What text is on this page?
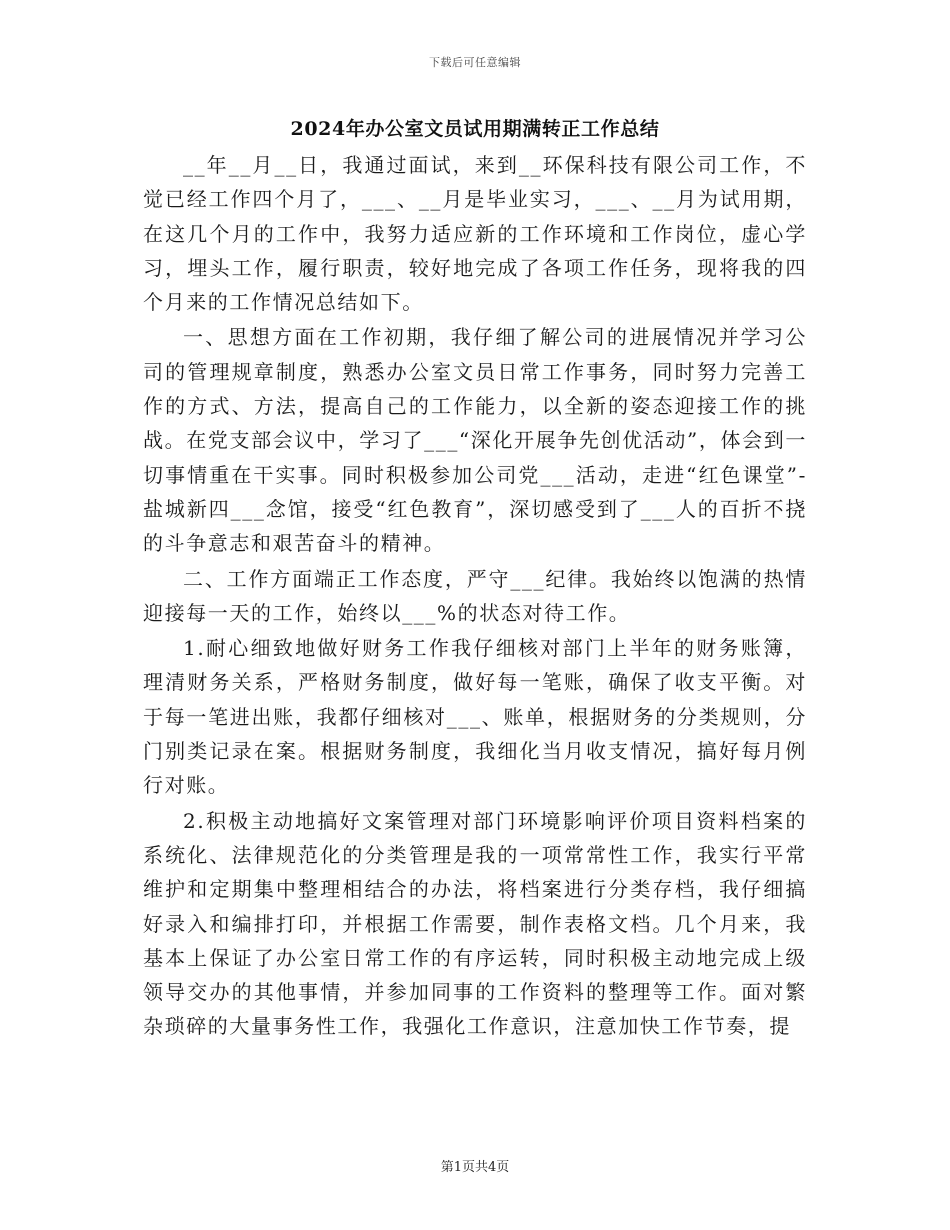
下载后可任意编辑
2024年办公室文员试用期满转正工作总结

__年__月__日，我通过面试，来到__环保科技有限公司工作，不觉已经工作四个月了，___、__月是毕业实习，___、__月为试用期，在这几个月的工作中，我努力适应新的工作环境和工作岗位，虚心学习，埋头工作，履行职责，较好地完成了各项工作任务，现将我的四个月来的工作情况总结如下。

一、思想方面在工作初期，我仔细了解公司的进展情况并学习公司的管理规章制度，熟悉办公室文员日常工作事务，同时努力完善工作的方式、方法，提高自己的工作能力，以全新的姿态迎接工作的挑战。在党支部会议中，学习了___“深化开展争先创优活动”，体会到一切事情重在干实事。同时积极参加公司党___活动，走进“红色课堂”-盐城新四___念馆，接受“红色教育”，深切感受到了___人的百折不挠的斗争意志和艰苦奋斗的精神。

二、工作方面端正工作态度，严守___纪律。我始终以饱满的热情迎接每一天的工作，始终以___%的状态对待工作。

1.耐心细致地做好财务工作我仔细核对部门上半年的财务账簿，理清财务关系，严格财务制度，做好每一笔账，确保了收支平衡。对于每一笔进出账，我都仔细核对___、账单，根据财务的分类规则，分门别类记录在案。根据财务制度，我细化当月收支情况，搞好每月例行对账。

2.积极主动地搞好文案管理对部门环境影响评价项目资料档案的系统化、法律规范化的分类管理是我的一项常常性工作，我实行平常维护和定期集中整理相结合的办法，将档案进行分类存档，我仔细搞好录入和编排打印，并根据工作需要，制作表格文档。几个月来，我基本上保证了办公室日常工作的有序运转，同时积极主动地完成上级领导交办的其他事情，并参加同事的工作资料的整理等工作。面对繁杂琐碎的大量事务性工作，我强化工作意识，注意加快工作节奏，提

第1页共4页
